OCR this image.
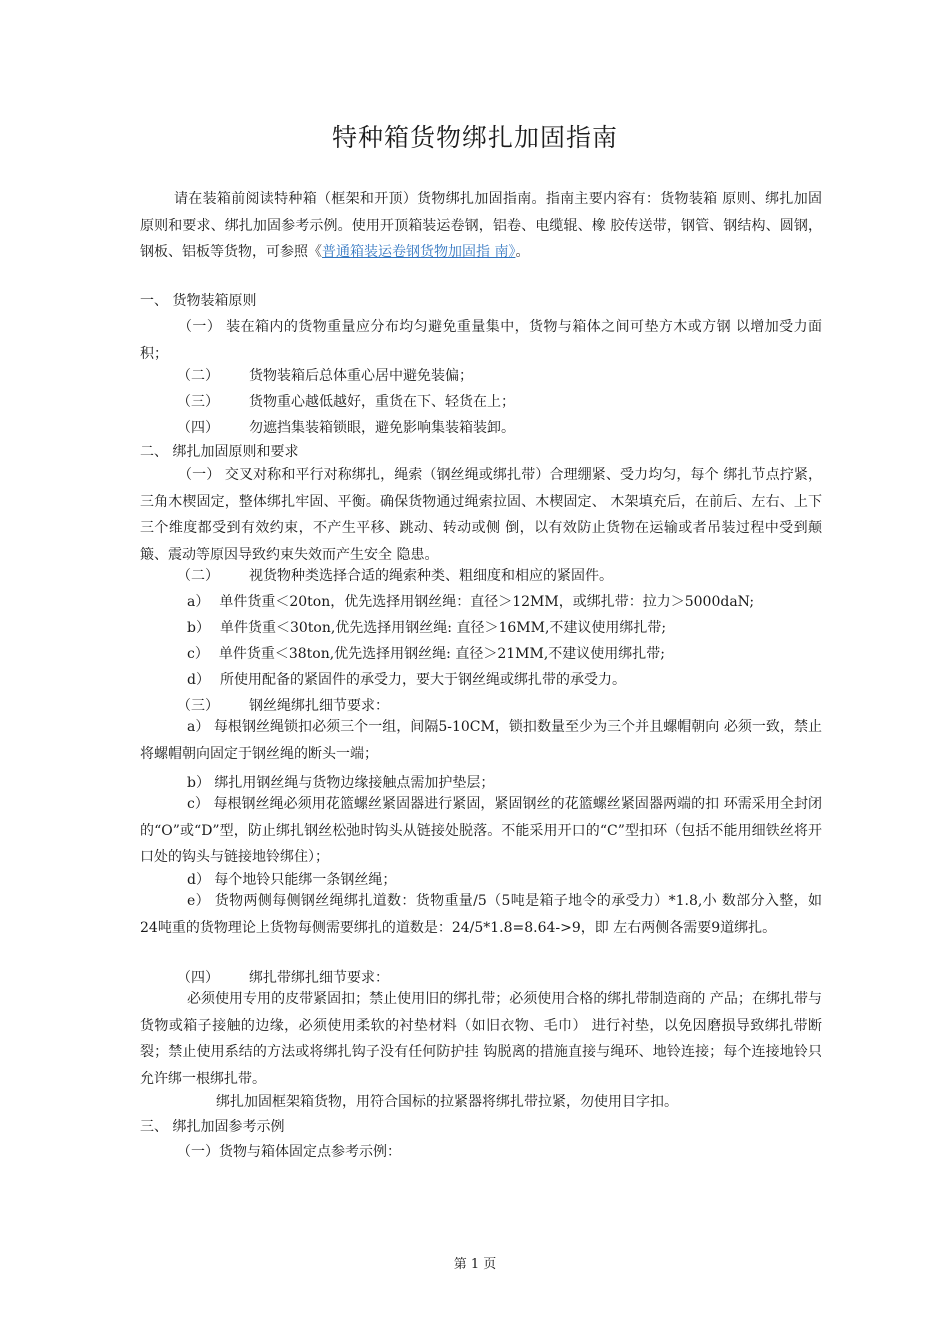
特种箱货物绑扎加固指南

请在装箱前阅读特种箱（框架和开顶）货物绑扎加固指南。指南主要内容有：货物装箱 原则、绑扎加固原则和要求、绑扎加固参考示例。使用开顶箱装运卷钢，铝卷、电缆辊、橡 胶传送带，钢管、钢结构、圆钢，钢板、铝板等货物，可参照《普通箱装运卷钢货物加固指 南》。

一、 货物装箱原则

（一） 装在箱内的货物重量应分布均匀避免重量集中，货物与箱体之间可垫方木或方钢 以增加受力面积；

（二） 货物装箱后总体重心居中避免装偏；
（三） 货物重心越低越好，重货在下、轻货在上；
（四） 勿遮挡集装箱锁眼，避免影响集装箱装卸。
二、 绑扎加固原则和要求

（一） 交叉对称和平行对称绑扎，绳索（钢丝绳或绑扎带）合理绷紧、受力均匀，每个 绑扎节点拧紧，三角木楔固定，整体绑扎牢固、平衡。确保货物通过绳索拉固、木楔固定、 木架填充后，在前后、左右、上下三个维度都受到有效约束，不产生平移、跳动、转动或侧 倒，以有效防止货物在运输或者吊装过程中受到颠簸、震动等原因导致约束失效而产生安全 隐患。

（二） 视货物种类选择合适的绳索种类、粗细度和相应的紧固件。
a） 单件货重＜20ton，优先选择用钢丝绳：直径＞12MM，或绑扎带：拉力＞5000daN;
b） 单件货重＜30ton,优先选择用钢丝绳: 直径＞16MM,不建议使用绑扎带;
c） 单件货重＜38ton,优先选择用钢丝绳: 直径＞21MM,不建议使用绑扎带;
d） 所使用配备的紧固件的承受力，要大于钢丝绳或绑扎带的承受力。
（三） 钢丝绳绑扎细节要求：

a） 每根钢丝绳锁扣必须三个一组，间隔5-10CM，锁扣数量至少为三个并且螺帽朝向 必须一致，禁止将螺帽朝向固定于钢丝绳的断头一端；

b） 绑扎用钢丝绳与货物边缘接触点需加护垫层；

c） 每根钢丝绳必须用花篮螺丝紧固器进行紧固，紧固钢丝的花篮螺丝紧固器两端的扣 环需采用全封闭的“O”或“D”型，防止绑扎钢丝松弛时钩头从链接处脱落。不能采用开口的“C”型扣环（包括不能用细铁丝将开口处的钩头与链接地铃绑住）；

d） 每个地铃只能绑一条钢丝绳；

e） 货物两侧每侧钢丝绳绑扎道数：货物重量/5（5吨是箱子地令的承受力）*1.8,小 数部分入整，如24吨重的货物理论上货物每侧需要绑扎的道数是：24/5*1.8=8.64->9，即 左右两侧各需要9道绑扎。

（四） 绑扎带绑扎细节要求：

必须使用专用的皮带紧固扣；禁止使用旧的绑扎带；必须使用合格的绑扎带制造商的 产品；在绑扎带与货物或箱子接触的边缘，必须使用柔软的衬垫材料（如旧衣物、毛巾） 进行衬垫，以免因磨损导致绑扎带断裂；禁止使用系结的方法或将绑扎钩子没有任何防护挂 钩脱离的措施直接与绳环、地铃连接；每个连接地铃只允许绑一根绑扎带。

绑扎加固框架箱货物，用符合国标的拉紧器将绑扎带拉紧，勿使用目字扣。
三、 绑扎加固参考示例
（一）货物与箱体固定点参考示例：
第 1 页
